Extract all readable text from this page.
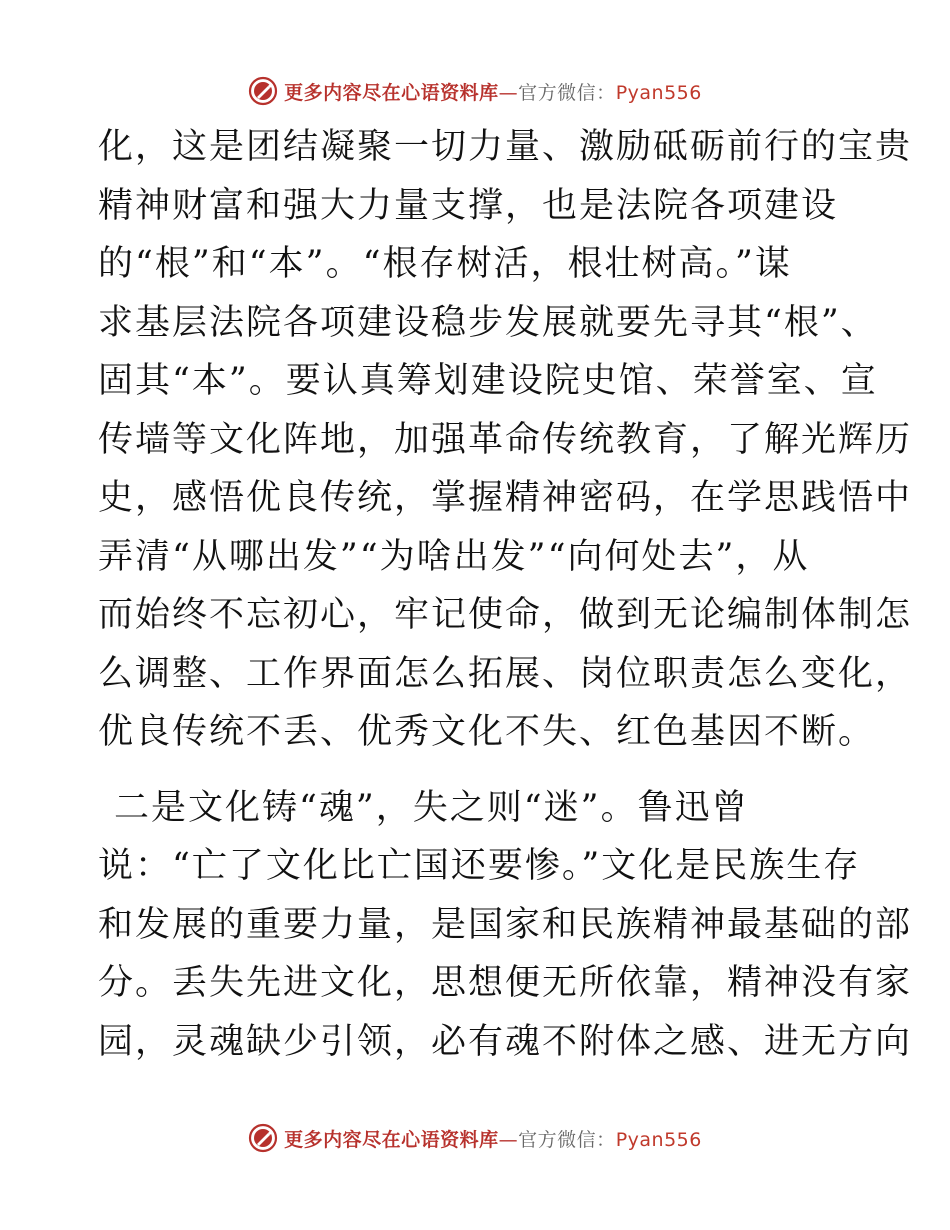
更多内容尽在心语资料库—官方微信：Pyan556
化，这是团结凝聚一切力量、激励砥砺前行的宝贵
精神财富和强大力量支撑，也是法院各项建设
的“根”和“本”。“根存树活，根壮树高。”谋
求基层法院各项建设稳步发展就要先寻其“根”、
固其“本”。要认真筹划建设院史馆、荣誉室、宣
传墙等文化阵地，加强革命传统教育，了解光辉历
史，感悟优良传统，掌握精神密码，在学思践悟中
弄清“从哪出发”“为啥出发”“向何处去”，从
而始终不忘初心，牢记使命，做到无论编制体制怎
么调整、工作界面怎么拓展、岗位职责怎么变化，
优良传统不丢、优秀文化不失、红色基因不断。
二是文化铸“魂”，失之则“迷”。鲁迅曾
说：“亡了文化比亡国还要惨。”文化是民族生存
和发展的重要力量，是国家和民族精神最基础的部
分。丢失先进文化，思想便无所依靠，精神没有家
园，灵魂缺少引领，必有魂不附体之感、进无方向
更多内容尽在心语资料库—官方微信：Pyan556
